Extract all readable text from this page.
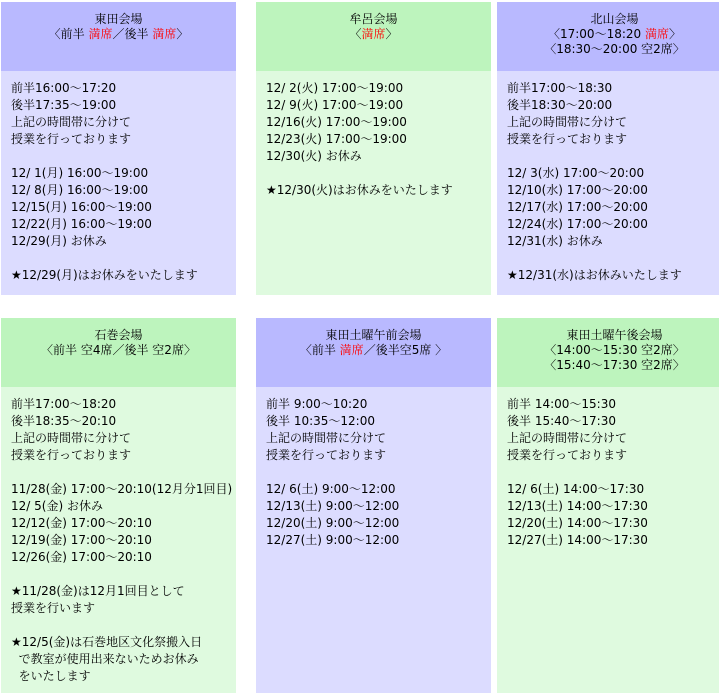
東田会場
〈前半 満席／後半 満席〉
前半16:00～17:20
後半17:35～19:00
上記の時間帯に分けて
授業を行っております
12/ 1(月) 16:00～19:00
12/ 8(月) 16:00～19:00
12/15(月) 16:00～19:00
12/22(月) 16:00～19:00
12/29(月) お休み
★12/29(月)はお休みをいたします
牟呂会場
〈満席〉
12/ 2(火) 17:00～19:00
12/ 9(火) 17:00～19:00
12/16(火) 17:00～19:00
12/23(火) 17:00～19:00
12/30(火) お休み
★12/30(火)はお休みをいたします
北山会場
〈17:00～18:20 満席〉
〈18:30～20:00 空2席〉
前半17:00～18:30
後半18:30～20:00
上記の時間帯に分けて
授業を行っております
12/ 3(水) 17:00～20:00
12/10(水) 17:00～20:00
12/17(水) 17:00～20:00
12/24(水) 17:00～20:00
12/31(水) お休み
★12/31(水)はお休みいたします
石巻会場
〈前半 空4席／後半 空2席〉
前半17:00～18:20
後半18:35～20:10
上記の時間帯に分けて
授業を行っております
11/28(金) 17:00～20:10(12月分1回目)
12/ 5(金) お休み
12/12(金) 17:00～20:10
12/19(金) 17:00～20:10
12/26(金) 17:00～20:10
★11/28(金)は12月1回目として
授業を行います
★12/5(金)は石巻地区文化祭搬入日
で教室が使用出来ないためお休み
をいたします
東田土曜午前会場
〈前半 満席／後半空5席 〉
前半 9:00～10:20
後半 10:35～12:00
上記の時間帯に分けて
授業を行っております
12/ 6(土) 9:00～12:00
12/13(土) 9:00～12:00
12/20(土) 9:00～12:00
12/27(土) 9:00～12:00
東田土曜午後会場
〈14:00～15:30 空2席〉
〈15:40～17:30 空2席〉
前半 14:00～15:30
後半 15:40～17:30
上記の時間帯に分けて
授業を行っております
12/ 6(土) 14:00～17:30
12/13(土) 14:00～17:30
12/20(土) 14:00～17:30
12/27(土) 14:00～17:30
